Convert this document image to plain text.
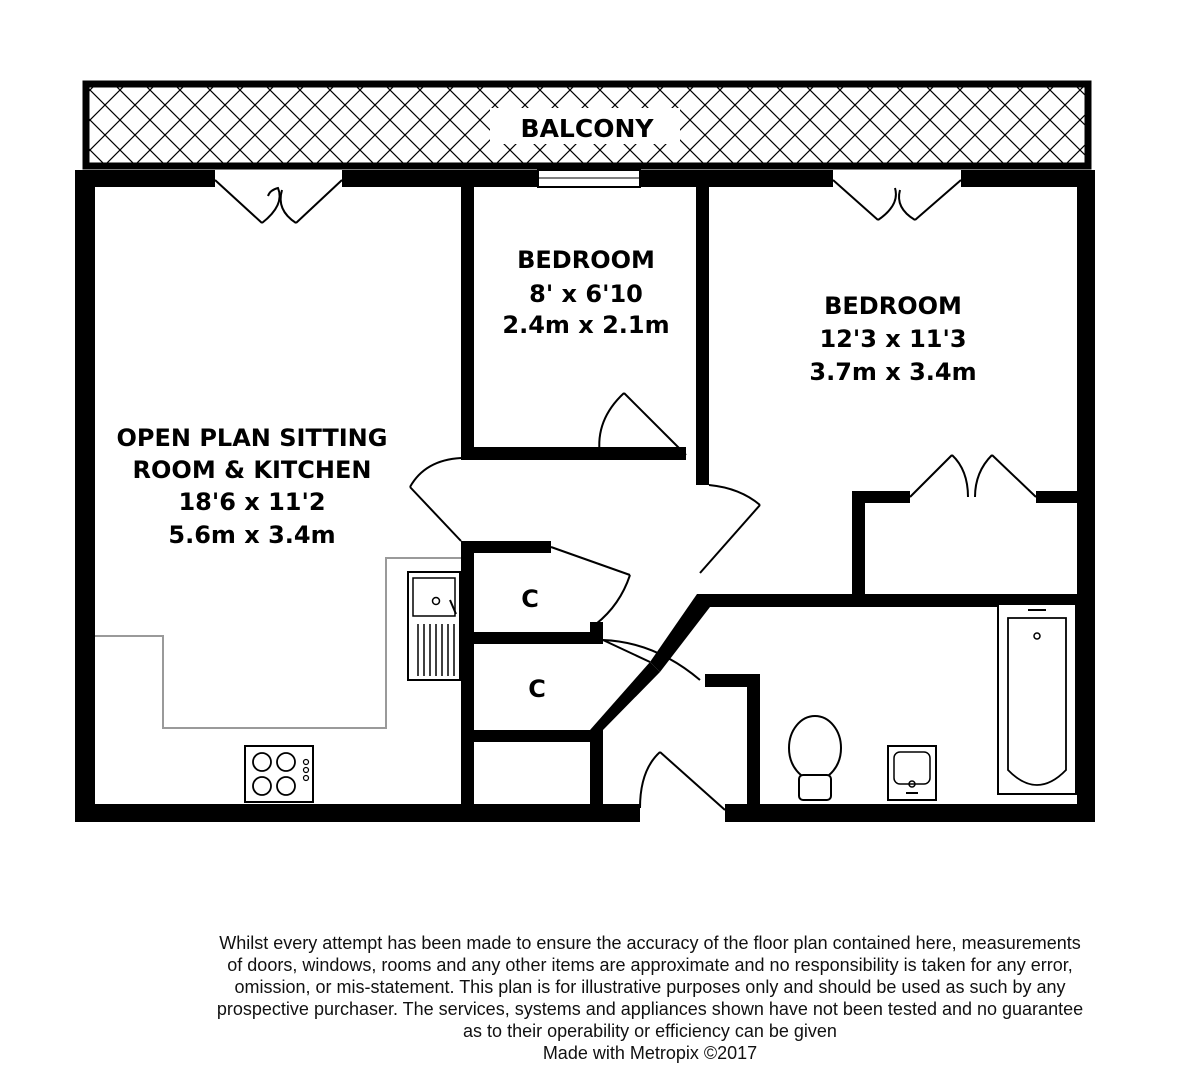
BALCONY
BEDROOM
8' x 6'10
2.4m x 2.1m
BEDROOM
12'3 x 11'3
3.7m x 3.4m
OPEN PLAN SITTING
ROOM & KITCHEN
18'6 x 11'2
5.6m x 3.4m
C
C
Whilst every attempt has been made to ensure the accuracy of the floor plan contained here, measurements
of doors, windows, rooms and any other items are approximate and no responsibility is taken for any error,
omission, or mis-statement. This plan is for illustrative purposes only and should be used as such by any
prospective purchaser. The services, systems and appliances shown have not been tested and no guarantee
as to their operability or efficiency can be given
Made with Metropix ©2017
